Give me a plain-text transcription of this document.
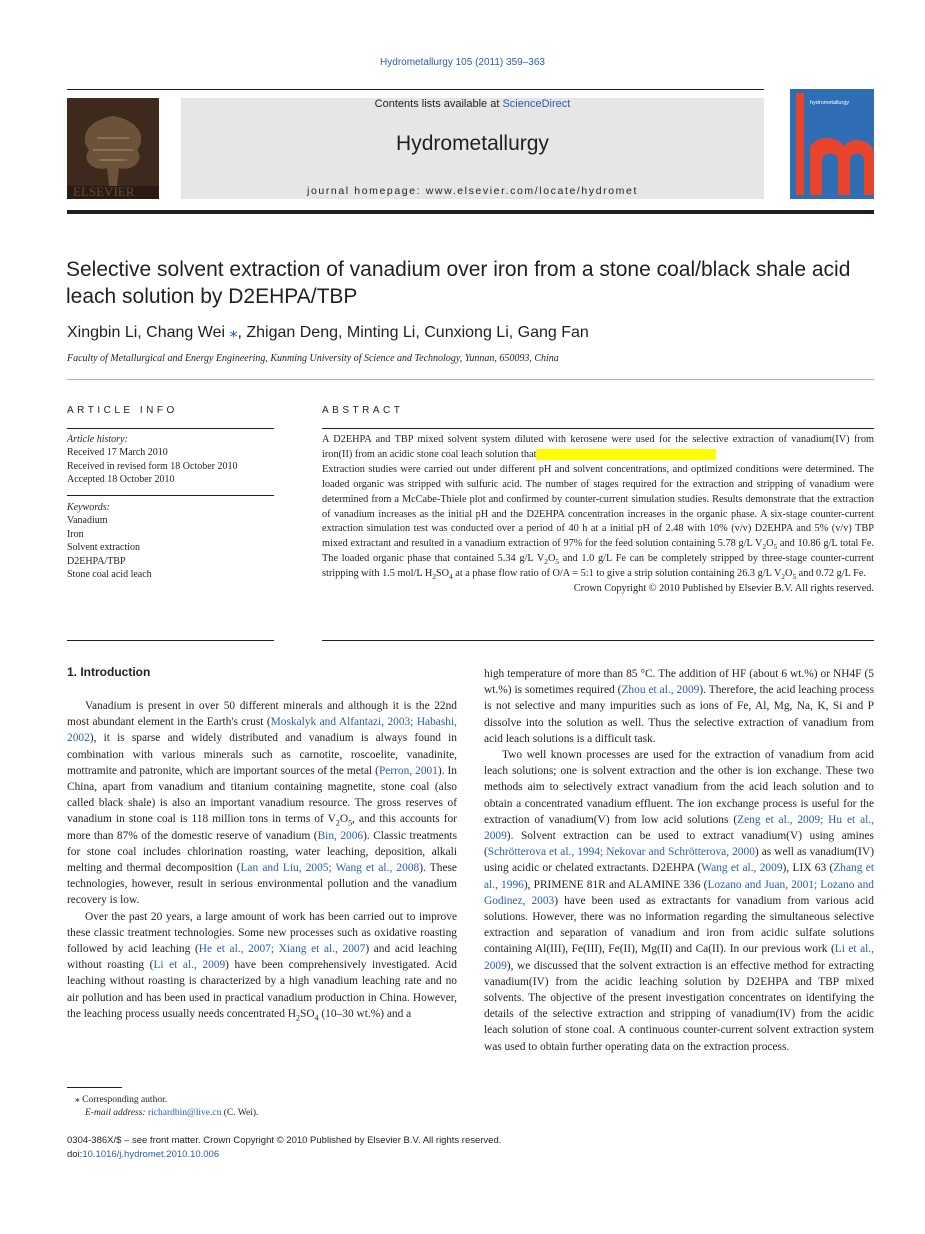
Hydrometallurgy 105 (2011) 359–363
ELSEVIER
Contents lists available at ScienceDirect
Hydrometallurgy
journal homepage: www.elsevier.com/locate/hydromet
hydrometallurgy
Selective solvent extraction of vanadium over iron from a stone coal/black shale acid leach solution by D2EHPA/TBP
Xingbin Li, Chang Wei ⁎, Zhigan Deng, Minting Li, Cunxiong Li, Gang Fan
Faculty of Metallurgical and Energy Engineering, Kunming University of Science and Technology, Yunnan, 650093, China
ARTICLE INFO
Article history:
Received 17 March 2010
Received in revised form 18 October 2010
Accepted 18 October 2010
Keywords:
Vanadium
Iron
Solvent extraction
D2EHPA/TBP
Stone coal acid leach
ABSTRACT
A D2EHPA and TBP mixed solvent system diluted with kerosene were used for the selective extraction of vanadium(IV) from iron(II) from an acidic stone coal leach solution that
Extraction studies were carried out under different pH and solvent concentrations, and optimized conditions were determined. The loaded organic was stripped with sulfuric acid. The number of stages required for the extraction and stripping of vanadium were determined from a McCabe-Thiele plot and confirmed by counter-current simulation studies. Results demonstrate that the extraction of vanadium increases as the initial pH and the D2EHPA concentration increases in the organic phase. A six-stage counter-current extraction simulation test was conducted over a period of 40 h at a initial pH of 2.48 with 10% (v/v) D2EHPA and 5% (v/v) TBP mixed extractant and resulted in a vanadium extraction of 97% for the feed solution containing 5.78 g/L $V_2O_5$ and 10.86 g/L total Fe. The loaded organic phase that contained 5.34 g/L $V_2O_5$ and 1.0 g/L Fe can be completely stripped by three-stage counter-current stripping with 1.5 mol/L $H_2SO_4$ at a phase flow ratio of O/A = 5:1 to give a strip solution containing 26.3 g/L $V_2O_5$ and 0.72 g/L Fe.
Crown Copyright © 2010 Published by Elsevier B.V. All rights reserved.
1. Introduction

Vanadium is present in over 50 different minerals and although it is the 22nd most abundant element in the Earth's crust (Moskalyk and Alfantazi, 2003; Habashi, 2002), it is sparse and widely distributed and vanadium is always found in combination with various minerals such as carnotite, roscoelite, vanadinite, mottramite and patronite, which are important sources of the metal (Perron, 2001). In China, apart from vanadium and titanium containing magnetite, stone coal (also called black shale) is also an important vanadium resource. The gross reserves of vanadium in stone coal is 118 million tons in terms of $V_2O_5$, and this accounts for more than 87% of the domestic reserve of vanadium (Bin, 2006). Classic treatments for stone coal includes chlorination roasting, water leaching, deposition, alkali melting and thermal decomposition (Lan and Liu, 2005; Wang et al., 2008). These technologies, however, result in serious environmental pollution and the vanadium recovery is low.

Over the past 20 years, a large amount of work has been carried out to improve these classic treatment technologies. Some new processes such as oxidative roasting followed by acid leaching (He et al., 2007; Xiang et al., 2007) and acid leaching without roasting (Li et al., 2009) have been comprehensively investigated. Acid leaching without roasting is characterized by a high vanadium leaching rate and no air pollution and has been used in practical vanadium production in China. However, the leaching process usually needs concentrated $H_2SO_4$ (10–30 wt.%) and a

high temperature of more than 85 °C. The addition of HF (about 6 wt.%) or NH4F (5 wt.%) is sometimes required (Zhou et al., 2009). Therefore, the acid leaching process is not selective and many impurities such as ions of Fe, Al, Mg, Na, K, Si and P dissolve into the solution as well. Thus the selective extraction of vanadium from acid leach solutions is a difficult task.

Two well known processes are used for the extraction of vanadium from acid leach solutions; one is solvent extraction and the other is ion exchange. These two methods aim to selectively extract vanadium from the acid leach solution and to obtain a concentrated vanadium effluent. The ion exchange process is useful for the extraction of vanadium(V) from low acid solutions (Zeng et al., 2009; Hu et al., 2009). Solvent extraction can be used to extract vanadium(V) using amines (Schrötterova et al., 1994; Nekovar and Schrötterova, 2000) as well as vanadium(IV) using acidic or chelated extractants. D2EHPA (Wang et al., 2009), LIX 63 (Zhang et al., 1996), PRIMENE 81R and ALAMINE 336 (Lozano and Juan, 2001; Lozano and Godinez, 2003) have been used as extractants for vanadium from various acid solutions. However, there was no information regarding the simultaneous selective extraction and separation of vanadium and iron from acidic sulfate solutions containing Al(III), Fe(III), Fe(II), Mg(II) and Ca(II). In our previous work (Li et al., 2009), we discussed that the solvent extraction is an effective method for extracting vanadium(IV) from the acidic leaching solution by D2EHPA and TBP mixed solvents. The objective of the present investigation concentrates on identifying the details of the selective extraction and stripping of vanadium(IV) from the acidic leach solution of stone coal. A continuous counter-current solvent extraction system was used to obtain further operating data on the extraction process.

⁎ Corresponding author.
E-mail address: richardbin@live.cn (C. Wei).
0304-386X/$ – see front matter. Crown Copyright © 2010 Published by Elsevier B.V. All rights reserved.
doi:10.1016/j.hydromet.2010.10.006
